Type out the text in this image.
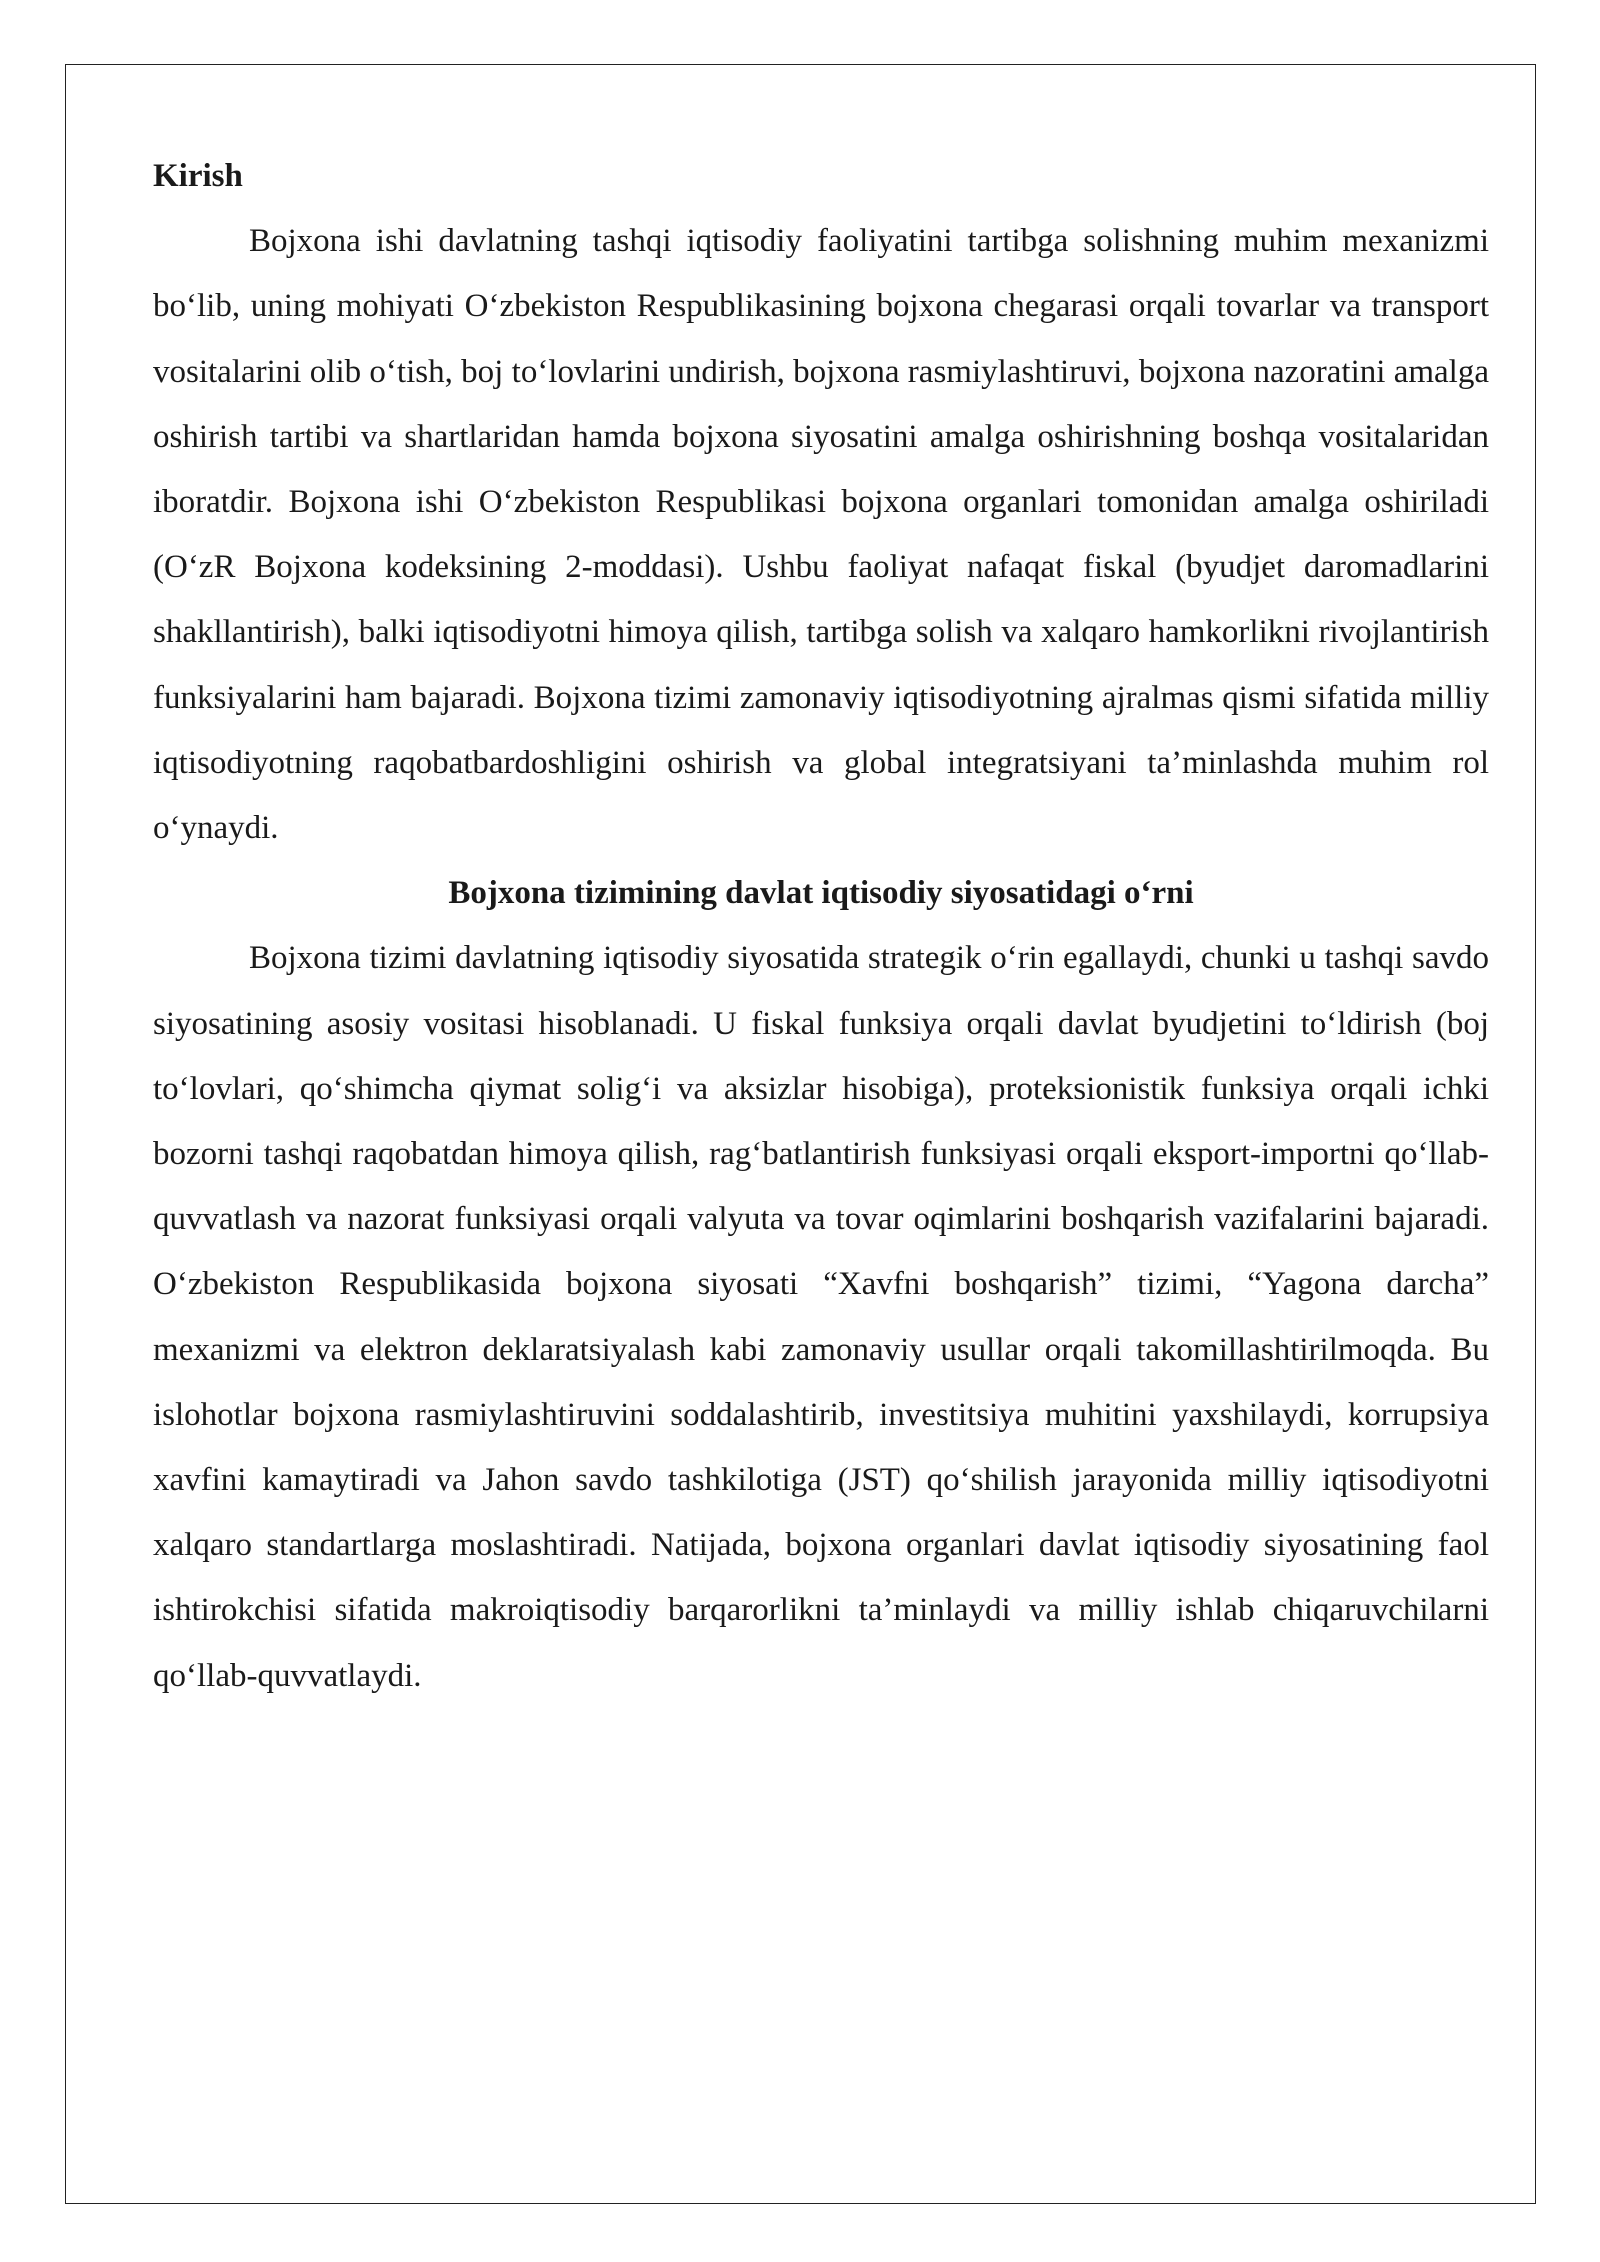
Kirish

Bojxona ishi davlatning tashqi iqtisodiy faoliyatini tartibga solishning muhim mexanizmi bo‘lib, uning mohiyati O‘zbekiston Respublikasining bojxona chegarasi orqali tovarlar va transport vositalarini olib o‘tish, boj to‘lovlarini undirish, bojxona rasmiylashtiruvi, bojxona nazoratini amalga oshirish tartibi va shartlaridan hamda bojxona siyosatini amalga oshirishning boshqa vositalaridan iboratdir. Bojxona ishi O‘zbekiston Respublikasi bojxona organlari tomonidan amalga oshiriladi (O‘zR Bojxona kodeksining 2-moddasi). Ushbu faoliyat nafaqat fiskal (byudjet daromadlarini shakllantirish), balki iqtisodiyotni himoya qilish, tartibga solish va xalqaro hamkorlikni rivojlantirish funksiyalarini ham bajaradi. Bojxona tizimi zamonaviy iqtisodiyotning ajralmas qismi sifatida milliy iqtisodiyotning raqobatbardoshligini oshirish va global integratsiyani ta’minlashda muhim rol o‘ynaydi.

Bojxona tizimining davlat iqtisodiy siyosatidagi o‘rni

Bojxona tizimi davlatning iqtisodiy siyosatida strategik o‘rin egallaydi, chunki u tashqi savdo siyosatining asosiy vositasi hisoblanadi. U fiskal funksiya orqali davlat byudjetini to‘ldirish (boj to‘lovlari, qo‘shimcha qiymat solig‘i va aksizlar hisobiga), proteksionistik funksiya orqali ichki bozorni tashqi raqobatdan himoya qilish, rag‘batlantirish funksiyasi orqali eksport-importni qo‘llab-quvvatlash va nazorat funksiyasi orqali valyuta va tovar oqimlarini boshqarish vazifalarini bajaradi. O‘zbekiston Respublikasida bojxona siyosati “Xavfni boshqarish” tizimi, “Yagona darcha” mexanizmi va elektron deklaratsiyalash kabi zamonaviy usullar orqali takomillashtirilmoqda. Bu islohotlar bojxona rasmiylashtiruvini soddalashtirib, investitsiya muhitini yaxshilaydi, korrupsiya xavfini kamaytiradi va Jahon savdo tashkilotiga (JST) qo‘shilish jarayonida milliy iqtisodiyotni xalqaro standartlarga moslashtiradi. Natijada, bojxona organlari davlat iqtisodiy siyosatining faol ishtirokchisi sifatida makroiqtisodiy barqarorlikni ta’minlaydi va milliy ishlab chiqaruvchilarni qo‘llab-quvvatlaydi.
